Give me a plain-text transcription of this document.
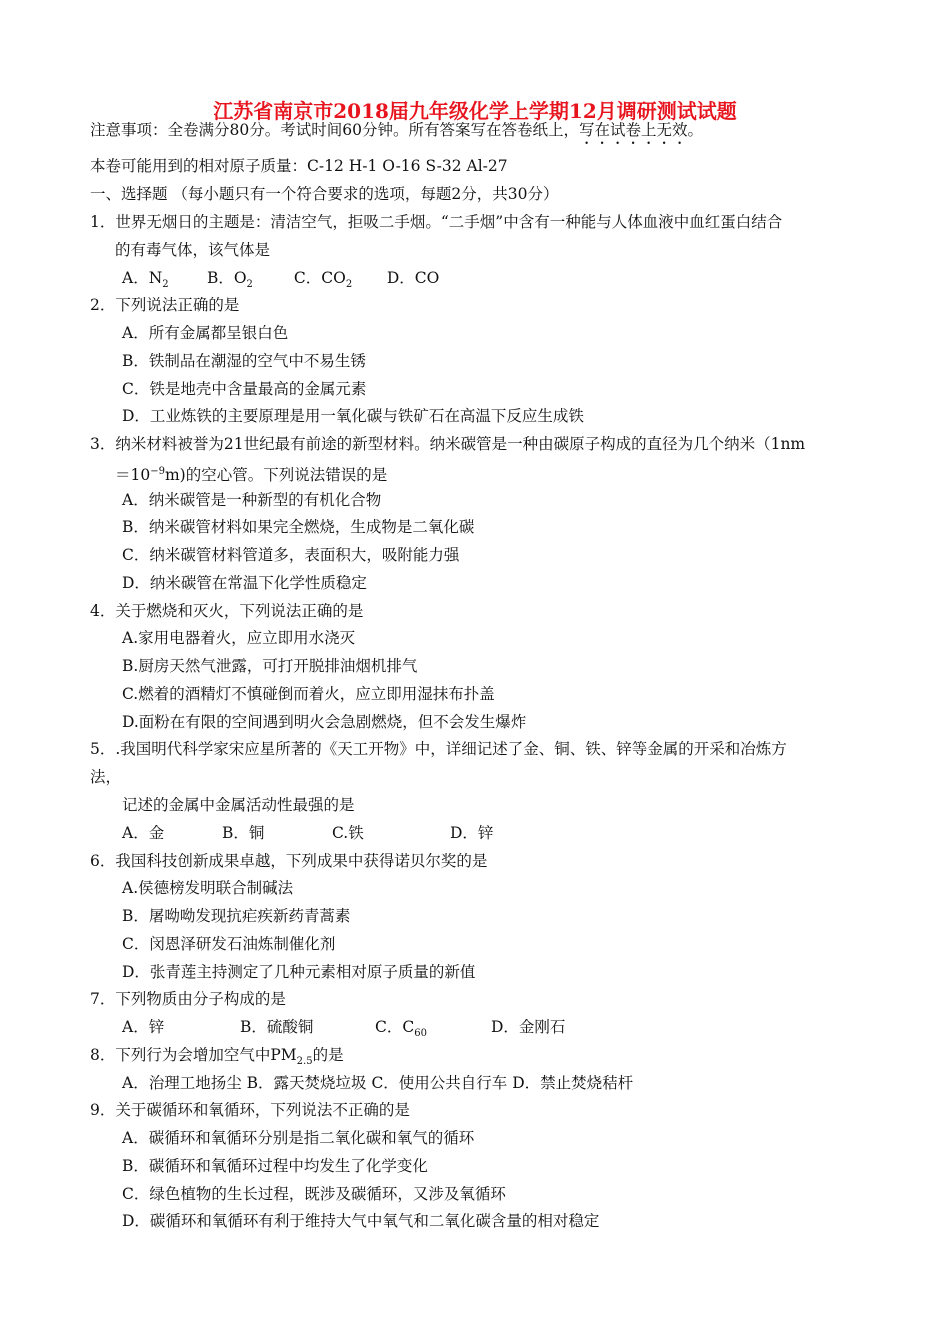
江苏省南京市2018届九年级化学上学期12月调研测试试题
注意事项：全卷满分80分。考试时间60分钟。所有答案写在答卷纸上，写在试卷上无效。
本卷可能用到的相对原子质量：C-12 H-1 O-16 S-32 Al-27
一、选择题 （每小题只有一个符合要求的选项，每题2分，共30分）
1．世界无烟日的主题是：清洁空气，拒吸二手烟。“二手烟”中含有一种能与人体血液中血红蛋白结合
的有毒气体，该气体是
A．$N_2$ B．$O_2$	C．$CO_2$ D．CO
2．下列说法正确的是
A．所有金属都呈银白色
B．铁制品在潮湿的空气中不易生锈
C．铁是地壳中含量最高的金属元素
D．工业炼铁的主要原理是用一氧化碳与铁矿石在高温下反应生成铁
3．纳米材料被誉为21世纪最有前途的新型材料。纳米碳管是一种由碳原子构成的直径为几个纳米（1nm
$=10^{-9}m$)的空心管。下列说法错误的是
A．纳米碳管是一种新型的有机化合物
B．纳米碳管材料如果完全燃烧，生成物是二氧化碳
C．纳米碳管材料管道多，表面积大，吸附能力强
D．纳米碳管在常温下化学性质稳定
4．关于燃烧和灭火，下列说法正确的是
A.家用电器着火，应立即用水浇灭
B.厨房天然气泄露，可打开脱排油烟机排气
C.燃着的酒精灯不慎碰倒而着火，应立即用湿抹布扑盖
D.面粉在有限的空间遇到明火会急剧燃烧，但不会发生爆炸
5．.我国明代科学家宋应星所著的《天工开物》中，详细记述了金、铜、铁、锌等金属的开采和冶炼方
法，
记述的金属中金属活动性最强的是
A．金	B．铜	C.铁	D．锌
6．我国科技创新成果卓越，下列成果中获得诺贝尔奖的是
A.侯德榜发明联合制碱法
B．屠呦呦发现抗疟疾新药青蒿素
C．闵恩泽研发石油炼制催化剂
D．张青莲主持测定了几种元素相对原子质量的新值
7．下列物质由分子构成的是
A．锌	B．硫酸铜	C．$C_{60}$	D．金刚石
8．下列行为会增加空气中$PM_{2.5}$的是
A．治理工地扬尘 B．露天焚烧垃圾 C．使用公共自行车 D．禁止焚烧秸杆
9．关于碳循环和氧循环，下列说法不正确的是
A．碳循环和氧循环分别是指二氧化碳和氧气的循环
B．碳循环和氧循环过程中均发生了化学变化
C．绿色植物的生长过程，既涉及碳循环，又涉及氧循环
D．碳循环和氧循环有利于维持大气中氧气和二氧化碳含量的相对稳定
